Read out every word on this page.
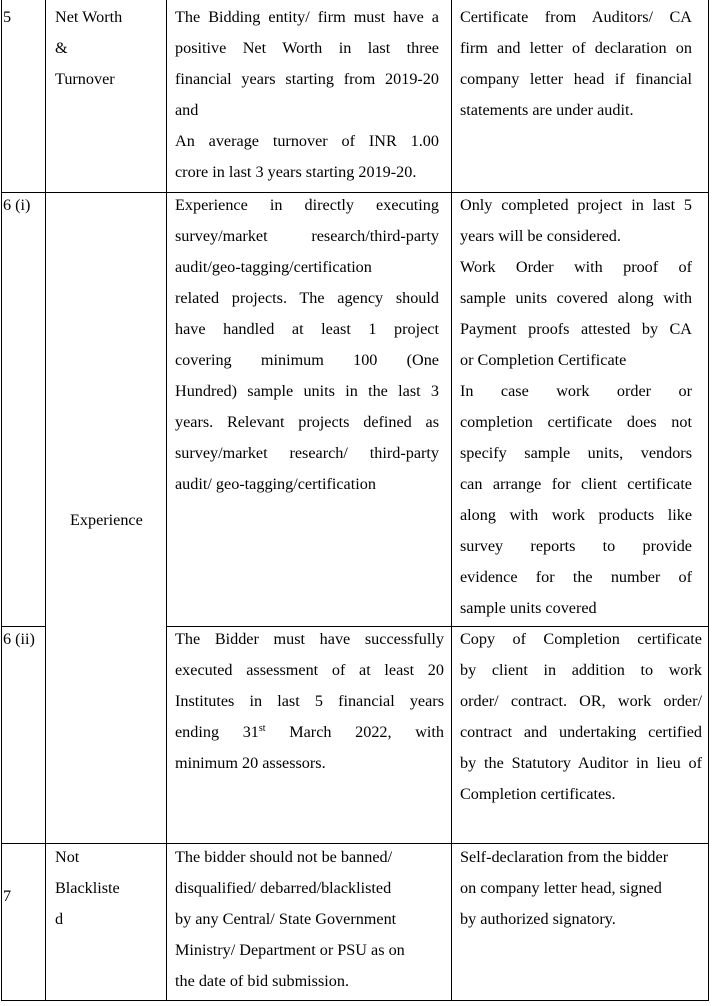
5	Net Worth

&

Turnover

The Bidding entity/ firm must have a

positive Net Worth in last three

financial years starting from 2019-20

and

An average turnover of INR 1.00

crore in last 3 years starting 2019-20.

Certificate from Auditors/ CA

firm and letter of declaration on

company letter head if financial

statements are under audit.

6 (i)
Experience

Experience in directly executing

survey/market research/third-party

audit/geo-tagging/certification

related projects. The agency should

have handled at least 1 project

covering minimum 100 (One

Hundred) sample units in the last 3

years. Relevant projects defined as

survey/market research/ third-party

audit/ geo-tagging/certification

Only completed project in last 5

years will be considered.

Work Order with proof of

sample units covered along with

Payment proofs attested by CA

or Completion Certificate

In case work order or

completion certificate does not

specify sample units, vendors

can arrange for client certificate

along with work products like

survey reports to provide

evidence for the number of

sample units covered

6 (ii)	The Bidder must have successfully

executed assessment of at least 20

Institutes in last 5 financial years

ending 31st March 2022, with

minimum 20 assessors.

Copy of Completion certificate

by client in addition to work

order/ contract. OR, work order/

contract and undertaking certified

by the Statutory Auditor in lieu of

Completion certificates.

7

Not

Blackliste

d

The bidder should not be banned/

disqualified/ debarred/blacklisted

by any Central/ State Government

Ministry/ Department or PSU as on

the date of bid submission.

Self-declaration from the bidder

on company letter head, signed

by authorized signatory.
